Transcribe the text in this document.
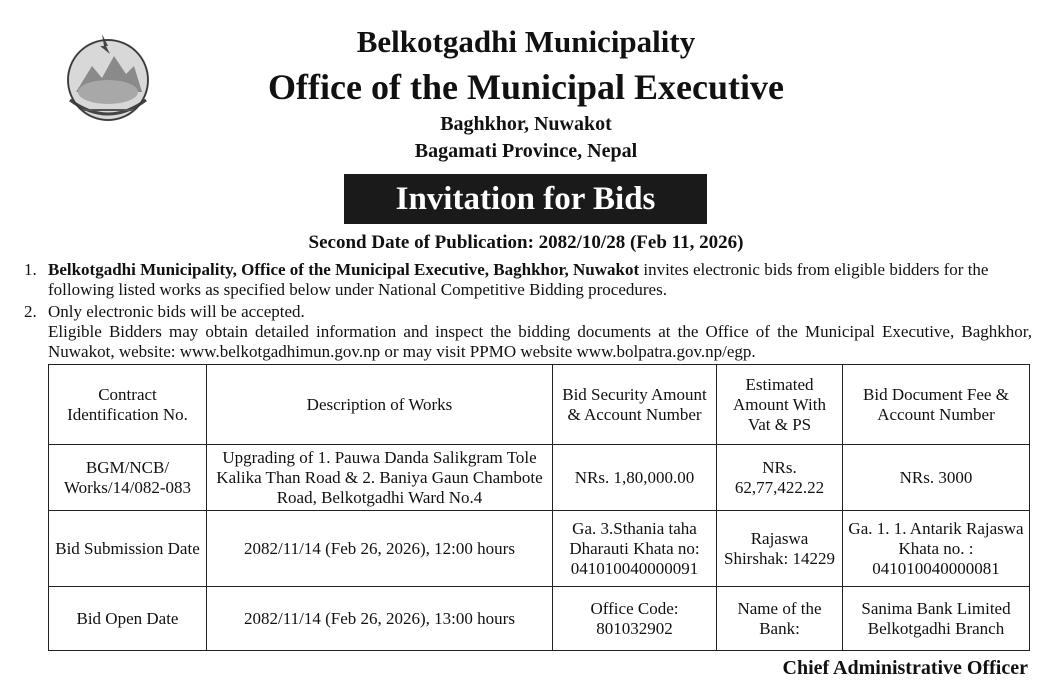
Belkotgadhi Municipality
Office of the Municipal Executive
Baghkhor, Nuwakot
Bagamati Province, Nepal
Invitation for Bids
Second Date of Publication: 2082/10/28 (Feb 11, 2026)
1. Belkotgadhi Municipality, Office of the Municipal Executive, Baghkhor, Nuwakot invites electronic bids from eligible bidders for the following listed works as specified below under National Competitive Bidding procedures.
2. Only electronic bids will be accepted.
Eligible Bidders may obtain detailed information and inspect the bidding documents at the Office of the Municipal Executive, Baghkhor, Nuwakot, website: www.belkotgadhimun.gov.np or may visit PPMO website www.bolpatra.gov.np/egp.
Contract Identification No.	Description of Works	Bid Security Amount & Account Number	Estimated Amount With Vat & PS	Bid Document Fee & Account Number
BGM/NCB/ Works/14/082-083	Upgrading of 1. Pauwa Danda Salikgram Tole Kalika Than Road & 2. Baniya Gaun Chambote Road, Belkotgadhi Ward No.4	NRs. 1,80,000.00	NRs. 62,77,422.22	NRs. 3000
Bid Submission Date	2082/11/14 (Feb 26, 2026), 12:00 hours	Ga. 3.Sthania taha Dharauti Khata no: 041010040000091	Rajaswa Shirshak: 14229	Ga. 1. 1. Antarik Rajaswa Khata no. : 041010040000081
Bid Open Date	2082/11/14 (Feb 26, 2026), 13:00 hours	Office Code: 801032902	Name of the Bank:	Sanima Bank Limited Belkotgadhi Branch
Chief Administrative Officer
